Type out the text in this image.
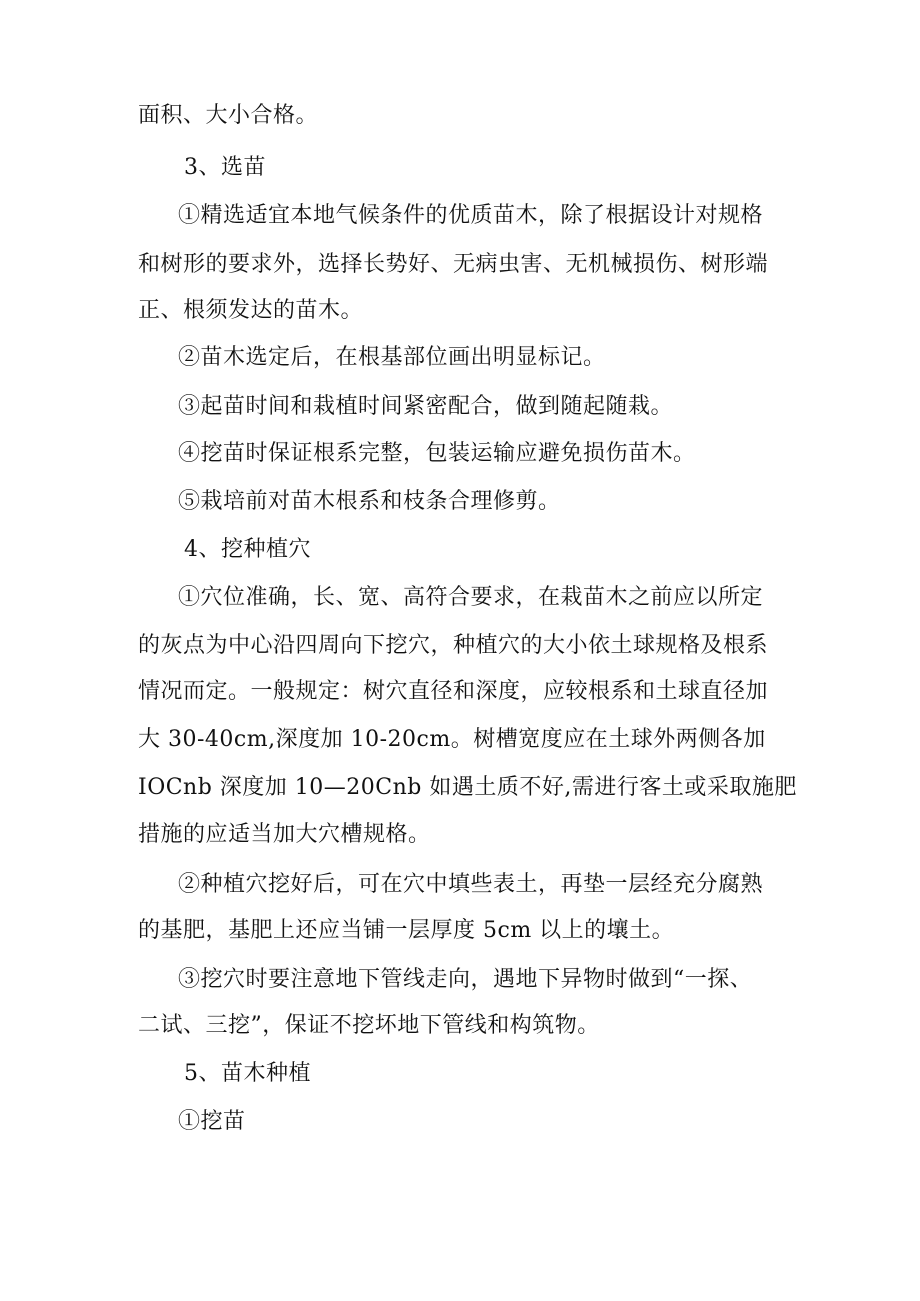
面积、大小合格。
3、选苗
①精选适宜本地气候条件的优质苗木，除了根据设计对规格
和树形的要求外，选择长势好、无病虫害、无机械损伤、树形端
正、根须发达的苗木。
②苗木选定后，在根基部位画出明显标记。
③起苗时间和栽植时间紧密配合，做到随起随栽。
④挖苗时保证根系完整，包装运输应避免损伤苗木。
⑤栽培前对苗木根系和枝条合理修剪。
4、挖种植穴
①穴位准确，长、宽、高符合要求，在栽苗木之前应以所定
的灰点为中心沿四周向下挖穴，种植穴的大小依土球规格及根系
情况而定。一般规定：树穴直径和深度，应较根系和土球直径加
大 30-40cm,深度加 10-20cm。树槽宽度应在土球外两侧各加
IOCnb 深度加 10—20Cnb 如遇土质不好,需进行客土或采取施肥
措施的应适当加大穴槽规格。
②种植穴挖好后，可在穴中填些表土，再垫一层经充分腐熟
的基肥，基肥上还应当铺一层厚度 5cm 以上的壤土。
③挖穴时要注意地下管线走向，遇地下异物时做到“一探、
二试、三挖”，保证不挖坏地下管线和构筑物。
5、苗木种植
①挖苗
